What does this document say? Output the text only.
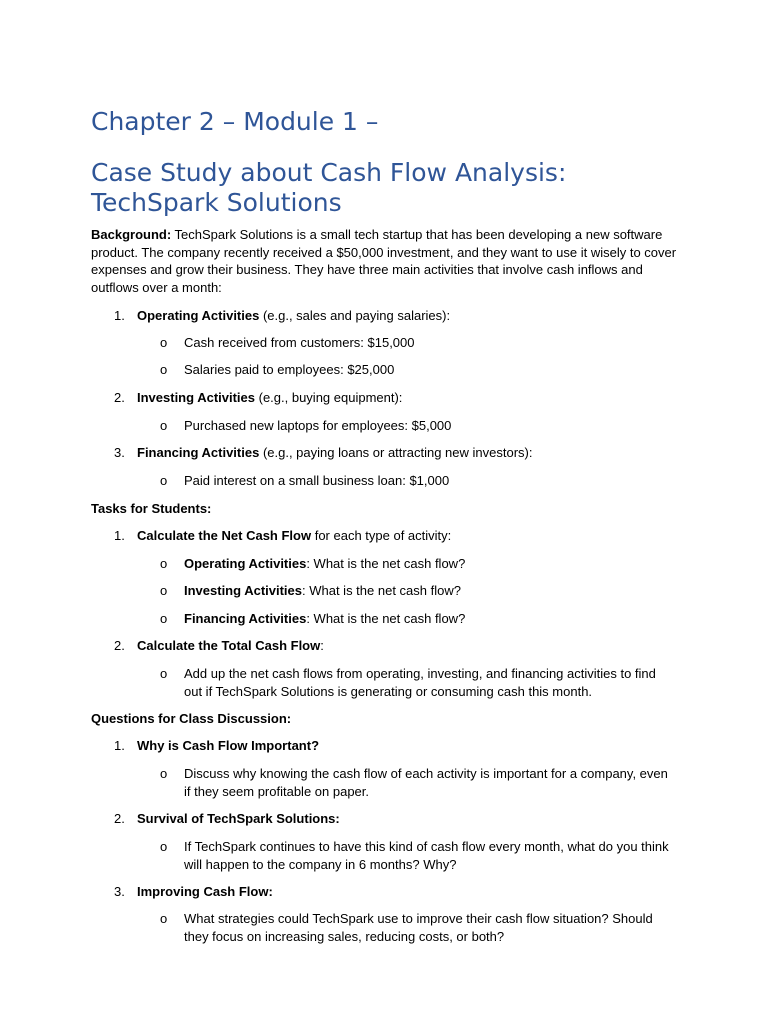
Chapter 2 – Module 1 –
Case Study about Cash Flow Analysis: TechSpark Solutions

Background: TechSpark Solutions is a small tech startup that has been developing a new software product. The company recently received a $50,000 investment, and they want to use it wisely to cover expenses and grow their business. They have three main activities that involve cash inflows and outflows over a month:

1. Operating Activities (e.g., sales and paying salaries):

o Cash received from customers: $15,000

o Salaries paid to employees: $25,000

2. Investing Activities (e.g., buying equipment):

o Purchased new laptops for employees: $5,000

3. Financing Activities (e.g., paying loans or attracting new investors):

o Paid interest on a small business loan: $1,000

Tasks for Students:

1. Calculate the Net Cash Flow for each type of activity:

o Operating Activities: What is the net cash flow?

o Investing Activities: What is the net cash flow?

o Financing Activities: What is the net cash flow?

2. Calculate the Total Cash Flow:

o Add up the net cash flows from operating, investing, and financing activities to find out if TechSpark Solutions is generating or consuming cash this month.

Questions for Class Discussion:

1. Why is Cash Flow Important?

o Discuss why knowing the cash flow of each activity is important for a company, even if they seem profitable on paper.

2. Survival of TechSpark Solutions:

o If TechSpark continues to have this kind of cash flow every month, what do you think will happen to the company in 6 months? Why?

3. Improving Cash Flow:

o What strategies could TechSpark use to improve their cash flow situation? Should they focus on increasing sales, reducing costs, or both?
